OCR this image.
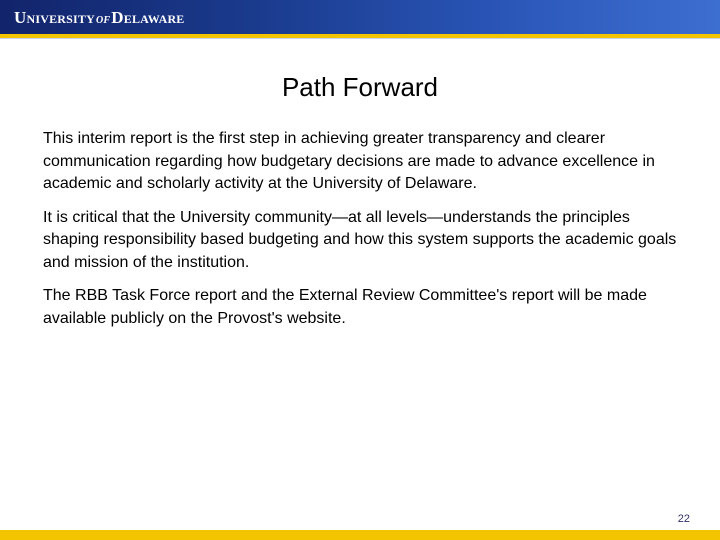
UNIVERSITYOFDELAWARE
Path Forward

This interim report is the first step in achieving greater transparency and clearer communication regarding how budgetary decisions are made to advance excellence in academic and scholarly activity at the University of Delaware.

It is critical that the University community—at all levels—understands the principles shaping responsibility based budgeting and how this system supports the academic goals and mission of the institution.

The RBB Task Force report and the External Review Committee's report will be made available publicly on the Provost's website.

22
